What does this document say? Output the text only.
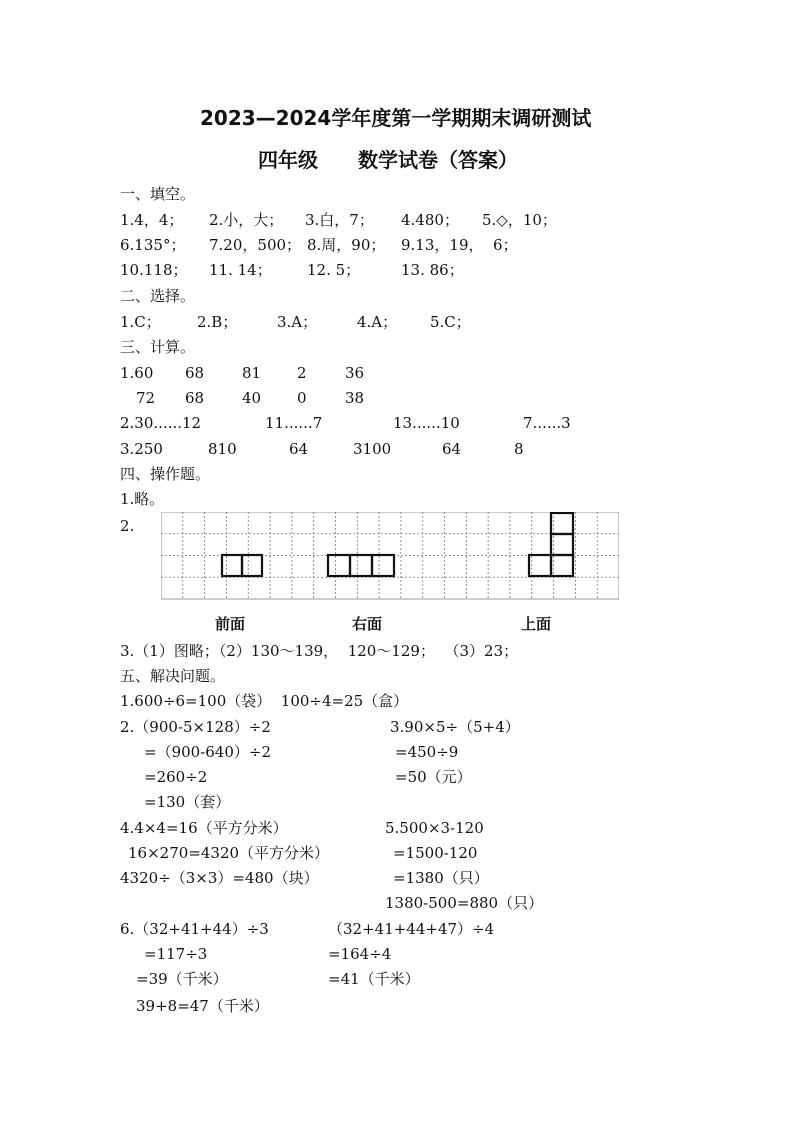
2023—2024学年度第一学期期末调研测试
四年级　　数学试卷（答案）
一、填空。
1.4，4； 2.小，大； 3.白，7； 4.480； 5.◇，10；
6.135°； 7.20，500； 8.周，90； 9.13，19，  6；
10.118； 11. 14； 12. 5；	13. 86；
二、选择。
1.C； 2.B；	3.A；	4.A； 5.C；
三、计算。
1.60 68	81 2	36
72 68	40 0	38
2.30......12	11......7	13......10	7......3
3.250	810	64	3100	64	8
四、操作题。
1.略。
2.
前面	右面	上面
3.（1）图略；（2）130～139，  120～129；  （3）23；
五、解决问题。
1.600÷6=100（袋）  100÷4=25（盒）
2.（900-5×128）÷2
=（900-640）÷2
=260÷2
=130（套）
3.90×5÷（5+4）
=450÷9
=50（元）
4.4×4=16（平方分米）
16×270=4320（平方分米）
4320÷（3×3）=480（块）
5.500×3-120
=1500-120
=1380（只）
1380-500=880（只）
6.（32+41+44）÷3
=117÷3
=39（千米）
39+8=47（千米）
（32+41+44+47）÷4
=164÷4
=41（千米）
